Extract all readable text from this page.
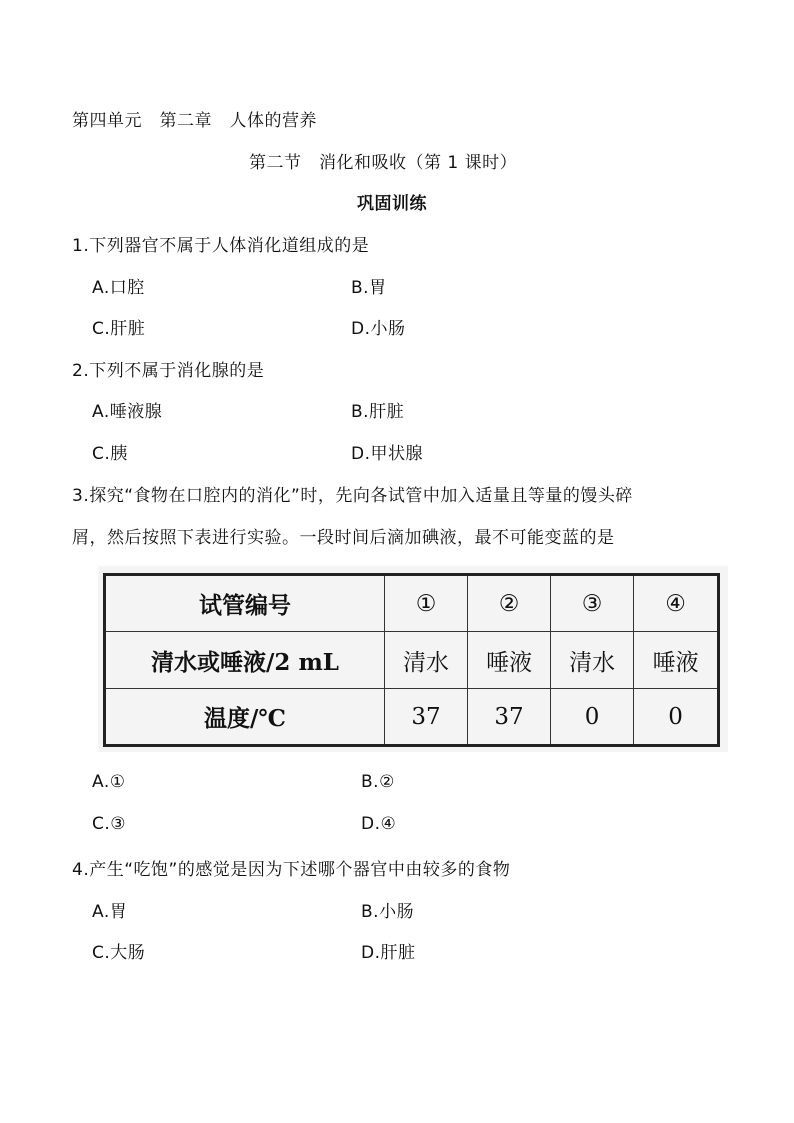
第四单元　第二章　人体的营养
第二节　消化和吸收（第 1 课时）
巩固训练
1.下列器官不属于人体消化道组成的是
A.口腔	B.胃
C.肝脏	D.小肠
2.下列不属于消化腺的是
A.唾液腺	B.肝脏
C.胰	D.甲状腺
3.探究“食物在口腔内的消化”时，先向各试管中加入适量且等量的馒头碎
屑，然后按照下表进行实验。一段时间后滴加碘液，最不可能变蓝的是
试管编号	①	②	③	④
清水或唾液/2 mL	清水	唾液	清水	唾液
温度/℃	37	37	0	0
A.①	B.②
C.③	D.④
4.产生“吃饱”的感觉是因为下述哪个器官中由较多的食物
A.胃	B.小肠
C.大肠	D.肝脏
